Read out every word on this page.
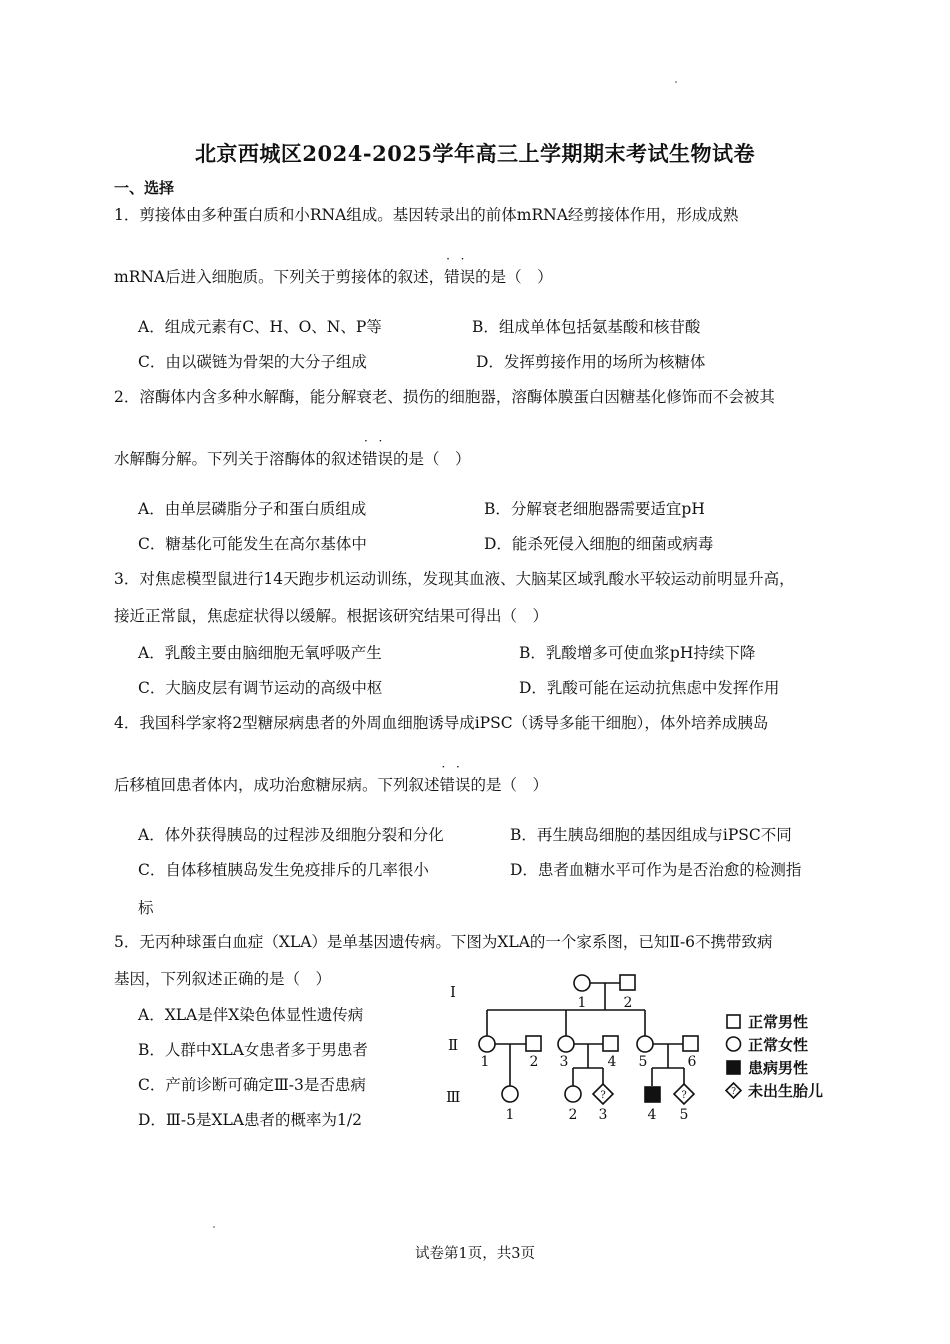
北京西城区2024-2025学年高三上学期期末考试生物试卷
一、选择
1．剪接体由多种蛋白质和小RNA组成。基因转录出的前体mRNA经剪接体作用，形成成熟
mRNA后进入细胞质。下列关于剪接体的叙述，· · 错误的是（　）
A．组成元素有C、H、O、N、P等	B．组成单体包括氨基酸和核苷酸
C．由以碳链为骨架的大分子组成	D．发挥剪接作用的场所为核糖体
2．溶酶体内含多种水解酶，能分解衰老、损伤的细胞器，溶酶体膜蛋白因糖基化修饰而不会被其
水解酶分解。下列关于溶酶体的叙述· · 错误的是（　）
A．由单层磷脂分子和蛋白质组成	B．分解衰老细胞器需要适宜pH
C．糖基化可能发生在高尔基体中	D．能杀死侵入细胞的细菌或病毒
3．对焦虑模型鼠进行14天跑步机运动训练，发现其血液、大脑某区域乳酸水平较运动前明显升高，
接近正常鼠，焦虑症状得以缓解。根据该研究结果可得出（　）
A．乳酸主要由脑细胞无氧呼吸产生	B．乳酸增多可使血浆pH持续下降
C．大脑皮层有调节运动的高级中枢	D．乳酸可能在运动抗焦虑中发挥作用
4．我国科学家将2型糖尿病患者的外周血细胞诱导成iPSC（诱导多能干细胞），体外培养成胰岛
后移植回患者体内，成功治愈糖尿病。下列叙述· · 错误的是（　）
A．体外获得胰岛的过程涉及细胞分裂和分化	B．再生胰岛细胞的基因组成与iPSC不同
C．自体移植胰岛发生免疫排斥的几率很小	D．患者血糖水平可作为是否治愈的检测指
标
5．无丙种球蛋白血症（XLA）是单基因遗传病。下图为XLA的一个家系图，已知Ⅱ-6不携带致病
基因，下列叙述正确的是（　）
A．XLA是伴X染色体显性遗传病
B．人群中XLA女患者多于男患者
C．产前诊断可确定Ⅲ-3是否患病
D．Ⅲ-5是XLA患者的概率为1/2
Ⅰ
Ⅱ
Ⅲ
1	2
1	2 3	4 5	6
1	2 3	4 5
?	?	?
正常男性
正常女性
患病男性
未出生胎儿
试卷第1页，共3页
